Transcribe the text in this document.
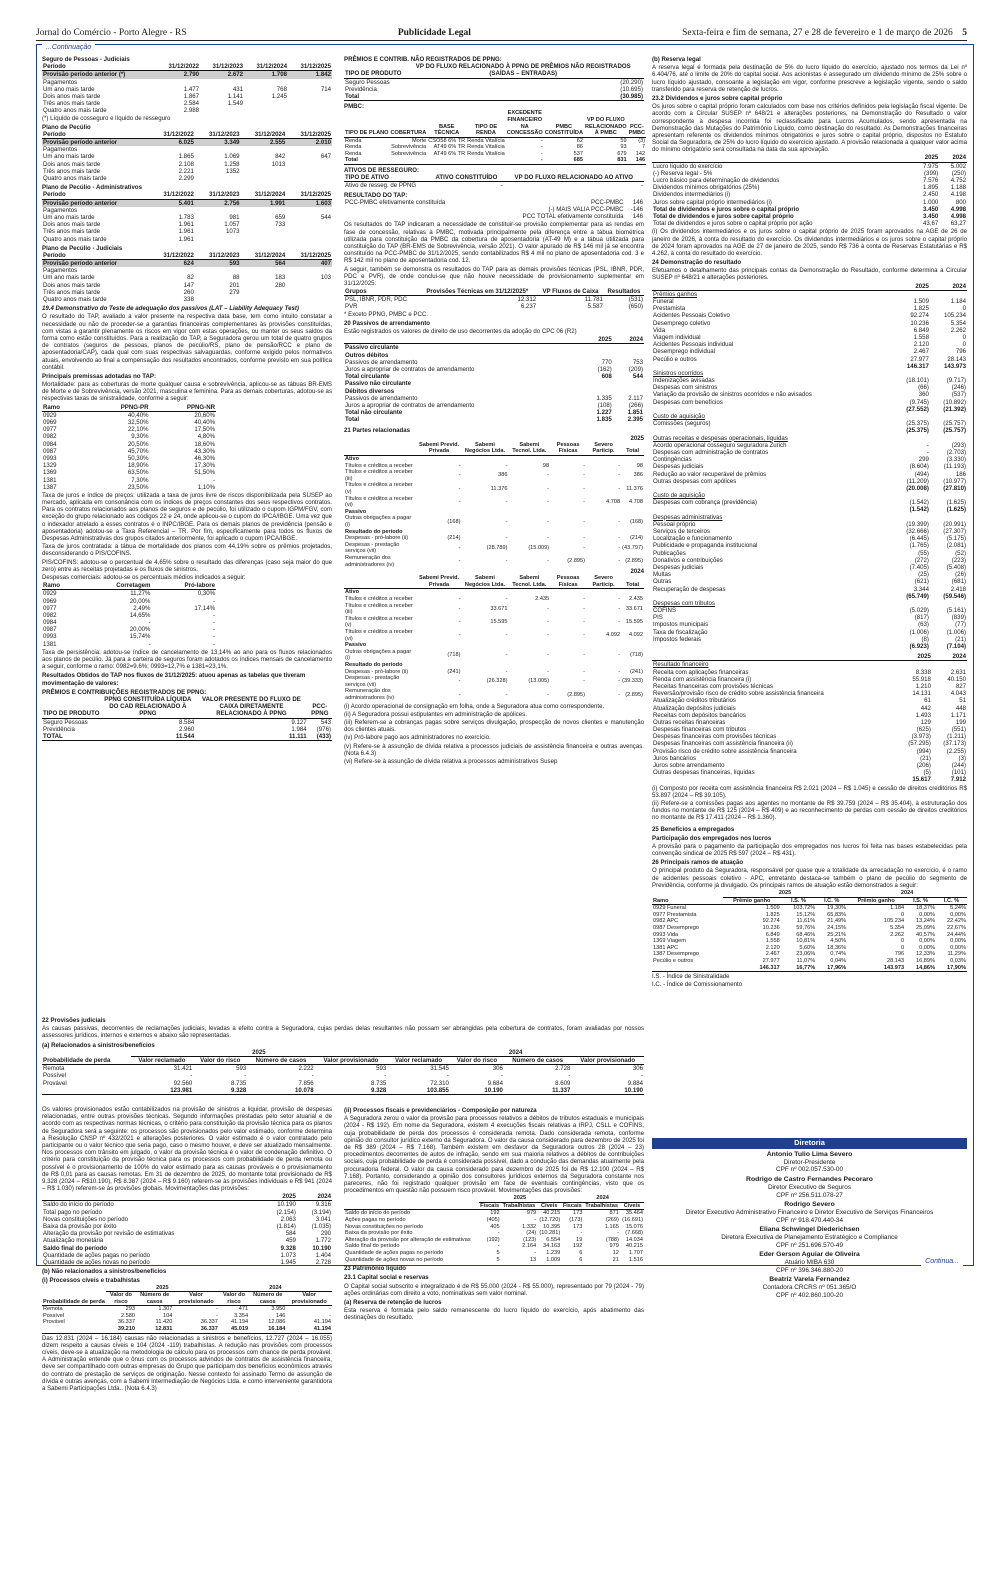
Jornal do Comércio - Porto Alegre - RS	Publicidade Legal	Sexta-feira e fim de semana, 27 e 28 de fevereiro e 1 de março de 2026 5
...Continuação
Seguro de Pessoas - Judiciais
Período	31/12/2022	31/12/2023	31/12/2024	31/12/2025
Provisão período anterior (*)	2.790	2.672	1.708	1.842
Pagamentos				
Um ano mais tarde	1.477	431	768	714
Dois anos mais tarde	1.867	1.141	1.245	
Três anos mais tarde	2.584	1.549		
Quatro anos mais tarde	2.988			
(*) Líquido de cosseguro e líquido de resseguro
Plano de Pecúlio
Período	31/12/2022	31/12/2023	31/12/2024	31/12/2025
Provisão período anterior	6.025	3.349	2.555	2.010
Pagamentos				
Um ano mais tarde	1.865	1.069	842	647
Dois anos mais tarde	2.108	1.258	1013	
Três anos mais tarde	2.221	1352		
Quatro anos mais tarde	2.299			
Plano de Pecúlio - Administrativos
Período	31/12/2022	31/12/2023	31/12/2024	31/12/2025
Provisão período anterior	5.401	2.756	1.991	1.603
Pagamentos				
Um ano mais tarde	1.783	981	659	544
Dois anos mais tarde	1.961	1.057	733	
Três anos mais tarde	1.961	1073		
Quatro anos mais tarde	1.961			
Plano de Pecúlio - Judiciais
Período	31/12/2022	31/12/2023	31/12/2024	31/12/2025
Provisão período anterior	624	593	564	407
Pagamentos				
Um ano mais tarde	82	88	183	103
Dois anos mais tarde	147	201	280	
Três anos mais tarde	260	279		
Quatro anos mais tarde	338			
19.4 Demonstrativo do Teste de adequação dos passivos (LAT – Liability Adequacy Test)
O resultado do TAP, avaliado a valor presente na respectiva data base, tem como intuito constatar a necessidade ou não de proceder-se a garantias financeiras complementares às provisões constituídas, com vistas a garantir plenamente os riscos em vigor com estas operações, ou manter os seus saldos da forma como estão constituídos. Para a realização do TAP, a Seguradora gerou um total de quatro grupos de contratos (seguros de pessoas, planos de pecúlio/RS, plano de pensão/RCC e plano de aposentadoria/CAP), cada qual com suas respectivas salvaguardas, conforme exigido pelos normativos atuais, envolvendo ao final a compensação dos resultados encontrados, conforme previsto em sua política contábil.
Principais premissas adotadas no TAP:
Mortalidade: para as coberturas de morte qualquer causa e sobrevivência, aplicou-se as tábuas BR-EMS de Morte e de Sobrevivência, versão 2021, masculina e feminina. Para as demais coberturas, adotou-se as respectivas taxas de sinistralidade, conforme a seguir:
Ramo	PPNG-PR	PPNG-NR
0929	40,40%	20,60%
0969	32,50%	40,40%
0977	22,10%	17,50%
0982	9,30%	4,80%
0984	20,50%	18,60%
0987	45,70%	43,30%
0993	50,30%	46,30%
1329	18,90%	17,30%
1369	63,50%	51,50%
1381	7,30%	-
1387	23,50%	1,10%
Taxa de juros e índice de preços: utilizada a taxa de juros livre de riscos disponibilizada pela SUSEP ao mercado, aplicada em consonância com os índices de preços constantes dos seus respectivos contratos. Para os contratos relacionados aos planos de seguros e de pecúlio, foi utilizado o cupom IGPM/FGV, com exceção do grupo relacionado aos códigos 22 e 24, onde aplicou-se o cupom do IPCA/IBGE. Uma vez que o indexador atrelado a esses contratos é o INPC/IBGE. Para os demais planos de previdência (pensão e aposentadoria) adotou-se a Taxa Referencial – TR. Por fim, especificamente para todos os fluxos de Despesas Administrativas dos grupos citados anteriormente, foi aplicado o cupom IPCA/IBGE.
Taxa de juros contratada: a tábua de mortalidade dos planos com 44,19% sobre os prêmios projetados, desconsiderando o PIS/COFINS.
PIS/COFINS: adotou-se o percentual de 4,65% sobre o resultado das diferenças (caso seja maior do que zero) entre as receitas projetadas e os fluxos de sinistros.
Despesas comerciais: adotou-se os percentuais médios indicados a seguir:
Ramo	Corretagem	Pró-labore
0929	11,27%	0,30%
0969	20,00%	-
0977	2,49%	17,14%
0982	14,65%	-
0984	-	-
0987	20,00%	-
0993	15,74%	-
1381	-	-
Taxa de persistência: adotou-se índice de cancelamento de 13,14% ao ano para os fluxos relacionados aos planos de pecúlio. Já para a carteira de seguros foram adotados os índices mensais de cancelamento a seguir, conforme o ramo: 0982=9,6%; 0993=12,7% e 1381=23,1%.
Resultados Obtidos do TAP nos fluxos de 31/12/2025: atuou apenas as tabelas que tiveram movimentação de valores:
PRÊMIOS E CONTRIBUIÇÕES REGISTRADOS DE PPNG:
TIPO DE PRODUTO	PPNG CONSTITUÍDA LÍQUIDA DO CAD RELACIONADO À PPNG	VALOR PRESENTE DO FLUXO DE CAIXA DIRETAMENTE RELACIONADO À PPNG	PCC-PPNG
Seguro Pessoas	8.584	9.127	543
Previdência	2.960	1.984	(976)
TOTAL	11.544	11.111	(433)
PRÊMIOS E CONTRIB. NÃO REGISTRADOS DE PPNG:
TIPO DE PRODUTO	VP DO FLUXO RELACIONADO À PPNG DE PRÊMIOS NÃO REGISTRADOS (SAÍDAS – ENTRADAS)
Seguro Pessoas	(20.290)
Previdência	(10.695)
Total	(30.985)
PMBC:
TIPO DE PLANO	COBERTURA	BASE TÉCNICA	TIPO DE RENDA	EXCEDENTE FINANCEIRO NA CONCESSÃO	PMBC CONSTITUÍDA	VP DO FLUXO RELACIONADO À PMBC	PCC-PMBC
Renda	Morte	CSO58 6% TR	Renda Vitalícia	-	62	59	(3)
Renda	Sobrevivência	AT49 6% TR	Renda Vitalícia	-	86	93	7
Renda	Sobrevivência	AT49 6% TR	Renda Vitalícia	-	537	679	142
Total				-	685	831	146
ATIVOS DE RESSEGURO:
TIPO DE ATIVO	ATIVO CONSTITUÍDO	VP DO FLUXO RELACIONADO AO ATIVO
Ativo de resseg. de PPNG	-	-
RESULTADO DO TAP:
PCC-PMBC efetivamente constituída	PCC-PMBC	146
	(-) MAIS VALIA PCC-PMBC	-146
	PCC TOTAL efetivamente constituída	146
Os resultados do TAP indicaram a necessidade de constituir-se provisão complementar para as rendas em fase de concessão, relativas à PMBC, motivada principalmente pela diferença entre a tábua biométrica utilizada para constituição da PMBC da cobertura de aposentadoria (AT-49 M) e a tábua utilizada para constituição do TAP (BR-EMS de Sobrevivência, versão 2021). O valor apurado de R$ 146 mil já se encontra constituído na PCC-PMBC de 31/12/2025, sendo contabilizados R$ 4 mil no plano de aposentadoria cod. 3 e R$ 142 mil no plano de aposentadoria cod. 12.
A seguir, também se demonstra os resultados do TAP para as demais provisões técnicas (PSL, IBNR, PDR, PDC e PVR), de onde conclui-se que não houve necessidade de provisionamento suplementar em 31/12/2025:
Grupos	Provisões Técnicas em 31/12/2025*	VP Fluxos de Caixa	Resultados
PSL, IBNR, PDR, PDC	12.312	11.781	(531)
PVR	6.237	5.587	(650)
* Exceto PPNG, PMBC e PCC.
20 Passivos de arrendamento
Estão registrados os valores de direito de uso decorrentes da adoção do CPC 06 (R2)
	2025	2024
Passivo circulante		
Outros débitos		
Passivos de arrendamento	770	753
Juros a apropriar de contratos de arrendamento	(162)	(209)
Total circulante	608	544
Passivo não circulante		
Débitos diversos		
Passivos de arrendamento	1.335	2.117
Juros a apropriar de contratos de arrendamento	(108)	(266)
Total não circulante	1.227	1.851
Total	1.835	2.395
21 Partes relacionadas
2025
	Sabemi Previd. Privada	Sabemi Negócios Ltda.	Sabemi Tecnol. Ltda.	Pessoas Físicas	Severo Particip.	Total
Ativo						
Títulos e créditos a receber	-	-	98	-	-	98
Títulos e créditos a receber (iii)	-	386	-	-	-	386
Títulos e créditos a receber (v)	-	11.376	-	-	-	11.376
Títulos e créditos a receber (vi)	-	-	-	-	4.708	4.708
Passivo						
Outras obrigações a pagar (i)	(168)	-	-	-	-	(168)
Resultado do período						
Despesas - pró-labore (ii)	(214)	-	-	-	-	(214)
Despesas - prestação serviços (vii)	-	(28.789)	(15.009)	-	-	(43.797)
Remuneração dos administradores (iv)	-	-	-	(2.895)	-	(2.895)
2024
	Sabemi Previd. Privada	Sabemi Negócios Ltda.	Sabemi Tecnol. Ltda.	Pessoas Físicas	Severo Particip.	Total
Ativo						
Títulos e créditos a receber	-	-	2.435	-	-	2.435
Títulos e créditos a receber (iii)	-	33.671	-	-	-	33.671
Títulos e créditos a receber (v)	-	15.595	-	-	-	15.595
Títulos e créditos a receber (vi)	-	-	-	-	4.092	4.092
Passivo						
Outras obrigações a pagar (i)	(718)	-	-	-	-	(718)
Resultado do período						
Despesas - pró-labore (ii)	(241)	-	-	-	-	(241)
Despesas - prestação serviços (vii)	-	(26.328)	(13.005)	-	-	(39.333)
Remuneração dos administradores (iv)	-	-	-	(2.895)	-	(2.895)
(i) Acordo operacional de consignação em folha, onde a Seguradora atua como correspondente.
(ii) A Seguradora possui estipulantes em administração de apólices.
(iii) Referem-se a cobranças pagas sobre serviços divulgação, prospecção de novos clientes e manutenção dos clientes atuais.
(iv) Pró-labore pago aos administradores no exercício.
(v) Refere-se à assunção de dívida relativa a processos judiciais de assistência financeira e outras avenças. (Nota 6.4.3)
(vi) Refere-se à assunção de dívida relativa a processos administrativos Susep
(b) Reserva legal
A reserva legal é formada pela destinação de 5% do lucro líquido do exercício, ajustado nos termos da Lei nº 6.404/76, até o limite de 20% do capital social. Aos acionistas é assegurado um dividendo mínimo de 25% sobre o lucro líquido ajustado, consoante a legislação em vigor, conforme prescreve a legislação vigente, sendo o saldo transferido para reserva de retenção de lucros.
23.2 Dividendos e juros sobre capital próprio
Os juros sobre o capital próprio foram calculados com base nos critérios definidos pela legislação fiscal vigente. De acordo com a Circular SUSEP nº 648/21 e alterações posteriores, na Demonstração do Resultado o valor correspondente à despesa incorrida foi reclassificado para Lucros Acumulados, sendo apresentada na Demonstração das Mutações do Patrimônio Líquido, como destinação do resultado. As Demonstrações financeiras apresentam referente os dividendos mínimos obrigatórios e juros sobre o capital próprio, dispostos no Estatuto Social da Seguradora, de 25% do lucro líquido do exercício ajustado. A provisão relacionada a qualquer valor acima do mínimo obrigatório será consultada na data da sua aprovação.
	2025	2024
Lucro líquido do exercício	7.975	5.002
(-) Reserva legal - 5%	(399)	(250)
Lucro básico para determinação de dividendos	7.576	4.752
Dividendos mínimos obrigatórios (25%)	1.895	1.188
Dividendos intermediários (i)	2.450	4.198
Juros sobre capital próprio intermediários (i)	1.000	800
Total de dividendos e juros sobre o capital próprio	3.450	4.998
Total de dividendos e juros sobre capital próprio	3.450	4.998
Total de dividendos e juros sobre o capital próprio por ação	43,67	63,27
(i) Os dividendos intermediários e os juros sobre o capital próprio de 2025 foram aprovados na AGE de 26 de janeiro de 2026, à conta do resultado do exercício. Os dividendos intermediários e os juros sobre o capital próprio de 2024 foram aprovados na AGE de 27 de janeiro de 2025, sendo R$ 736 à conta de Reservas Estatutárias e R$ 4.262, à conta do resultado do exercício.
24 Demonstração do resultado
Efetuamos o detalhamento das principais contas da Demonstração do Resultado, conforme determina a Circular SUSEP nº 648/21 e alterações posteriores.
	2025	2024
Prêmios ganhos		
Funeral	1.509	1.184
Prestamista	1.825	0
Acidentes Pessoais Coletivo	92.274	105.234
Desemprego coletivo	10.236	5.354
Vida	6.849	2.262
Viagem individual	1.558	0
Acidentes Pessoais individual	2.120	0
Desemprego individual	2.467	796
Pecúlio e outros	27.977	28.143
	146.317	143.973
Sinistros ocorridos		
Indenizações avisadas	(18.101)	(9.717)
Despesas com sinistros	(66)	(246)
Variação da provisão de sinistros ocorridos e não avisados	360	(537)
Despesas com benefícios	(9.745)	(10.892)
	(27.552)	(21.392)
Custo de aquisição		
Comissões (seguros)	(25.375)	(25.757)
	(25.375)	(25.757)
Outras receitas e despesas operacionais, líquidas		
Acordo operacional cosseguro seguradora Zurich	-	(293)
Despesas com administração de contratos	-	(2.703)
Contingências	299	(3.330)
Despesas judiciais	(8.604)	(11.193)
Redução ao valor recuperável de prêmios	(494)	186
Outras despesas com apólices	(11.209)	(10.977)
	(20.008)	(27.810)
Custo de aquisição		
Despesas com cobrança (previdência)	(1.542)	(1.625)
	(1.542)	(1.625)
Despesas administrativas		
Pessoal próprio	(19.399)	(20.991)
Serviços de terceiros	(32.666)	(27.307)
Localização e funcionamento	(6.445)	(5.175)
Publicidade e propaganda institucional	(1.765)	(2.081)
Publicações	(55)	(52)
Donativos e contribuições	(272)	(223)
Despesas judiciais	(7.405)	(5.408)
Multas	(25)	(26)
Outras	(621)	(681)
Recuperação de despesas	3.344	2.418
	(65.749)	(59.546)
Despesas com tributos		
COFINS	(5.029)	(5.161)
PIS	(817)	(839)
Impostos municipais	(63)	(77)
Taxa de fiscalização	(1.006)	(1.006)
Impostos federais	(8)	(21)
	(6.923)	(7.104)
	2025	2024
Resultado financeiro		
Receita com aplicações financeiras	8.338	2.631
Renda com assistência financeira (i)	55.918	40.150
Receitas financeiras com provisões técnicas	1.210	827
Reversão/provisão risco de crédito sobre assistência financeira	14.131	4.043
Atualização créditos tributários	61	51
Atualização depósitos judiciais	442	448
Receitas com depósitos bancários	1.493	1.171
Outras receitas financeiras	129	199
Despesas financeiras com tributos	(625)	(551)
Despesas financeiras com provisões técnicas	(3.973)	(1.211)
Despesas financeiras com assistência financeira (ii)	(57.295)	(37.173)
Provisão risco de crédito sobre assistência financeira	(994)	(2.255)
Juros bancários	(21)	(3)
Juros sobre arrendamento	(206)	(244)
Outras despesas financeiras, líquidas	(5)	(101)
	15.617	7.912
(i) Composto por receita com assistência financeira R$ 2.021 (2024 – R$ 1.045) e cessão de direitos creditórios R$ 53.897 (2024 – R$ 39.105).
(ii) Refere-se a comissões pagas aos agentes no montante de R$ 39.759 (2024 – R$ 35.404), à estruturação dos fundos no montante de R$ 125 (2024 – R$ 409) e ao reconhecimento de perdas com cessão de direitos creditórios no montante de R$ 17.411 (2024 – R$ 1.360).
25 Benefícios a empregados
Participação dos empregados nos lucros
A provisão para o pagamento da participação dos empregados nos lucros foi feita nas bases estabelecidas pela convenção sindical de 2025 R$ 597 (2024 – R$ 431).
26 Principais ramos de atuação
O principal produto da Seguradora, responsável por quase que a totalidade da arrecadação no exercício, é o ramo de acidentes pessoais coletivo - APC, entretanto destaca-se também o plano de pecúlio do segmento de Previdência, conforme já divulgado. Os principais ramos de atuação estão demonstrados a seguir:
	2025			2024		
Ramo	Prêmio ganho	I.S. %	I.C. %	Prêmio ganho	I.S. %	I.C. %
0929 Funeral	1.509	103,72%	19,30%	1.184	18,37%	5,24%
0977 Prestamista	1.825	15,12%	65,83%	0	0,00%	0,00%
0982 APC	92.274	11,61%	21,49%	105.234	13,24%	22,42%
0987 Desemprego	10.236	59,76%	24,15%	5.354	25,09%	22,67%
0993 Vida	6.849	68,46%	25,21%	2.262	40,57%	24,44%
1369 Viagem	1.558	10,81%	4,50%	0	0,00%	0,00%
1381 APC	2.120	5,60%	18,36%	0	0,00%	0,00%
1387 Desemprego	2.467	23,06%	0,74%	796	12,33%	11,29%
Pecúlio e outros	27.977	11,07%	0,04%	28.143	16,89%	0,03%
	146.317	16,77%	17,96%	143.973	14,86%	17,90%
I.S. - Índice de Sinistralidade
I.C. - Índice de Comissionamento
22 Provisões judiciais
As causas passivas, decorrentes de reclamações judiciais, levadas a efeito contra a Seguradora, cujas perdas delas resultantes não possam ser abrangidas pela cobertura de contratos, foram avaliadas por nossos assessores jurídicos, internos e externos e abaixo são representadas.
(a) Relacionados a sinistros/benefícios
	2025				2024			
Probabilidade de perda	Valor reclamado	Valor do risco	Número de casos	Valor provisionado	Valor reclamado	Valor do risco	Número de casos	Valor provisionado
Remota	31.421	593	2.222	593	31.545	306	2.728	306
Possível	-	-	-	-	-	-	-	-
Provável	92.560	8.735	7.856	8.735	72.310	9.684	8.609	9.884
	123.981	9.328	10.078	9.328	103.855	10.190	11.337	10.190
Os valores provisionados estão contabilizados na provisão de sinistros a liquidar, provisão de despesas relacionadas, entre outras provisões técnicas. Segundo informações prestadas pelo setor atuarial e de acordo com as respectivas normas técnicas, o critério para constituição da provisão técnica para os planos de Seguradora será a seguinte: os processos são provisionados pelo valor estimado, conforme determina a Resolução CNSP nº 432/2021 e alterações posteriores. O valor estimado é o valor contratado pelo participante ou o valor técnico que seria pago, caso o mesmo houver, e deve ser atualizado mensalmente. Nos processos com trânsito em julgado, o valor da provisão técnica é o valor de condenação definitivo. O critério para constituição da provisão técnica para os processos com probabilidade de perda remota ou possível é o provisionamento de 100% do valor estimado para as causas prováveis e o provisionamento de R$ 0,01 para as causas remotas. Em 31 de dezembro de 2025, do montante total provisionado de R$ 9.328 (2024 – R$10.190), R$ 8.387 (2024 – R$ 9.160) referem-se às provisões individuais e R$ 941 (2024 – R$ 1.030) referem-se às provisões globais. Movimentações das provisões:
	2025	2024
Saldo do início do período	10.190	9.316
Total pago no período	(2.154)	(3.194)
Novas constituições no período	2.063	3.041
Baixa da provisão por êxito	(1.814)	(1.035)
Alteração da provisão por revisão de estimativas	584	290
Atualização monetária	459	1.772
Saldo final do período	9.328	10.190
Quantidade de ações pagas no período	1.073	1.404
Quantidade de ações novas no período	1.945	2.728
(b) Não relacionados a sinistros/benefícios
(i) Processos cíveis e trabalhistas
	2025			2024		
Probabilidade de perda	Valor do risco	Número de casos	Valor provisionado	Valor do risco	Número de casos	Valor provisionado
Remota	293	1.307	-	471	3.950	-
Possível	2.580	104	-	3.354	146	-
Provável	36.337	11.420	36.337	41.194	12.086	41.194
	39.210	12.831	36.337	45.019	16.184	41.194
Das 12.831 (2024 – 16.184) causas não relacionadas a sinistros e benefícios, 12.727 (2024 – 16.055) dizem respeito a causas cíveis e 104 (2024 -119) trabalhistas. A redução nas provisões com processos cíveis, deve-se à atualização na metodologia de cálculo para os processos com chance de perda provável. A Administração entende que o ônus com os processos advindos de contratos de assistência financeira, deve ser compartilhado com outras empresas do Grupo que participam dos benefícios econômicos através do contrato de prestação de serviços de originação. Nesse contexto foi assinado Termo de assunção de dívida e outras avenças, com a Sabemi Intermediação de Negócios Ltda. e como interveniente garantidora a Sabemi Participações Ltda.. (Nota 6.4.3)
(ii) Processos fiscais e previdenciários - Composição por natureza
A Seguradora zerou o valor da provisão para processos relativos a débitos de tributos estaduais e municipais (2024 - R$ 192). Em nome da Seguradora, existem 4 execuções fiscais relativas a IRPJ, CSLL e COFINS, cuja probabilidade de perda dos processos é considerada remota. Dado considerada remota, conforme opinião do consultor jurídico externo da Seguradora. O valor da causa considerado para dezembro de 2025 foi de R$ 389 (2024 – R$ 7.168). Também existem em desfavor da Seguradora outros 28 (2024 – 23) procedimentos decorrentes de autos de infração, sendo em sua maioria relativos a débitos de contribuições sociais, cuja probabilidade de perda é considerada possível, dado a condução das demandas atualmente pela procuradoria federal. O valor da causa considerado para dezembro de 2025 foi de R$ 12.100 (2024 – R$ 7.168). Portanto, considerando a opinião dos consultores jurídicos externos da Seguradora constante nos pareceres, não foi registrado qualquer provisão em face de eventuais contingências, visto que os procedimentos em questão não possuem risco provável. Movimentações das provisões:
	2025			2024		
	Fiscais	Trabalhistas	Cíveis	Fiscais	Trabalhistas	Cíveis
Saldo do início do período	192	979	40.215	173	871	35.464
Ações pagas no período	(405)	-	(12.720)	(173)	(269)	(16.691)
Novas constituições no período	405	1.332	10.395	173	1.165	15.076
Baixa da provisão por êxito	-	(24)	(10.281)	-	-	(7.668)
Alteração da provisão por alteração de estimativas	(192)	(123)	6.554	19	(788)	14.034
Saldo final do período	-	2.164	34.163	192	979	40.215
Quantidade de ações pagas no período	5	-	1.239	6	12	1.707
Quantidade de ações novas no período	5	13	1.009	6	21	1.516
23 Patrimônio líquido
23.1 Capital social e reservas
O Capital social subscrito e integralizado é de R$ 55.000 (2024 - R$ 55.000), representado por 79 (2024 - 79) ações ordinárias com direito a voto, nominativas sem valor nominal.
(a) Reserva de retenção de lucros
Esta reserva é formada pelo saldo remanescente do lucro líquido do exercício, após abatimento das destinações do resultado.
Diretoria
Antonio Tulio Lima Severo
Diretor-Presidente
CPF nº 002.057.530-00
Rodrigo de Castro Fernandes Pecoraro
Diretor Executivo de Seguros
CPF nº 256.511.078-27
Rodrigo Severo
Diretor Executivo Administrativo Financeiro e Diretor Executivo de Serviços Financeiros
CPF nº 918.470.440-34
Eliana Schwingel Diederichsen
Diretora Executiva de Planejamento Estratégico e Compliance
CPF nº 251.696.570-49
Eder Gerson Aguiar de Oliveira
Atuário MIBA 630
CPF nº 396.346.880-20
Beatriz Varela Fernandez
Contadora CRCRS nº 051.365/O
CPF nº 402.860.100-20
Continua...
